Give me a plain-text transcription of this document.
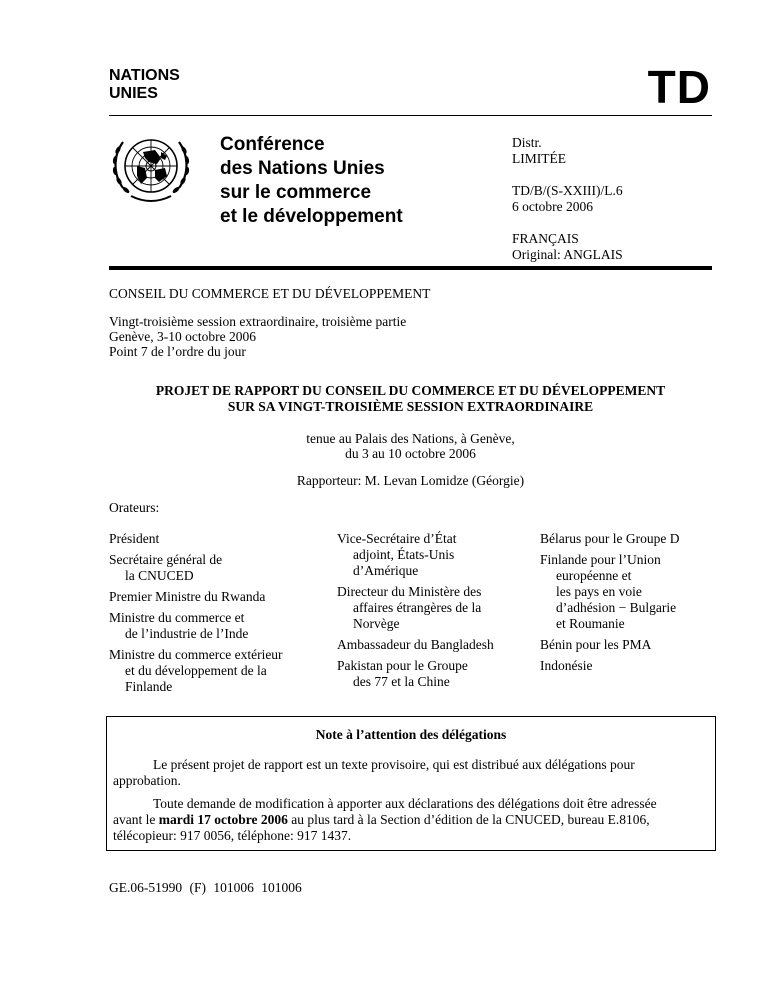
NATIONS
UNIES	TD
Conférence
des Nations Unies
sur le commerce
et le développement
Distr.
LIMITÉE
TD/B/(S-XXIII)/L.6
6 octobre 2006
FRANÇAIS
Original: ANGLAIS
CONSEIL DU COMMERCE ET DU DÉVELOPPEMENT
Vingt-troisième session extraordinaire, troisième partie
Genève, 3-10 octobre 2006
Point 7 de l’ordre du jour
PROJET DE RAPPORT DU CONSEIL DU COMMERCE ET DU DÉVELOPPEMENT
SUR SA VINGT-TROISIÈME SESSION EXTRAORDINAIRE
tenue au Palais des Nations, à Genève,
du 3 au 10 octobre 2006
Rapporteur: M. Levan Lomidze (Géorgie)
Orateurs:
Président
Secrétaire général de
la CNUCED
Premier Ministre du Rwanda
Ministre du commerce et
de l’industrie de l’Inde
Ministre du commerce extérieur
et du développement de la
Finlande
Vice-Secrétaire d’État
adjoint, États-Unis
d’Amérique
Directeur du Ministère des
affaires étrangères de la
Norvège
Ambassadeur du Bangladesh
Pakistan pour le Groupe
des 77 et la Chine
Bélarus pour le Groupe D
Finlande pour l’Union
européenne et
les pays en voie
d’adhésion − Bulgarie
et Roumanie
Bénin pour les PMA
Indonésie
Note à l’attention des délégations
Le présent projet de rapport est un texte provisoire, qui est distribué aux délégations pour
approbation.
Toute demande de modification à apporter aux déclarations des délégations doit être adressée
avant le mardi 17 octobre 2006 au plus tard à la Section d’édition de la CNUCED, bureau E.8106,
télécopieur: 917 0056, téléphone: 917 1437.
GE.06-51990 (F) 101006 101006
